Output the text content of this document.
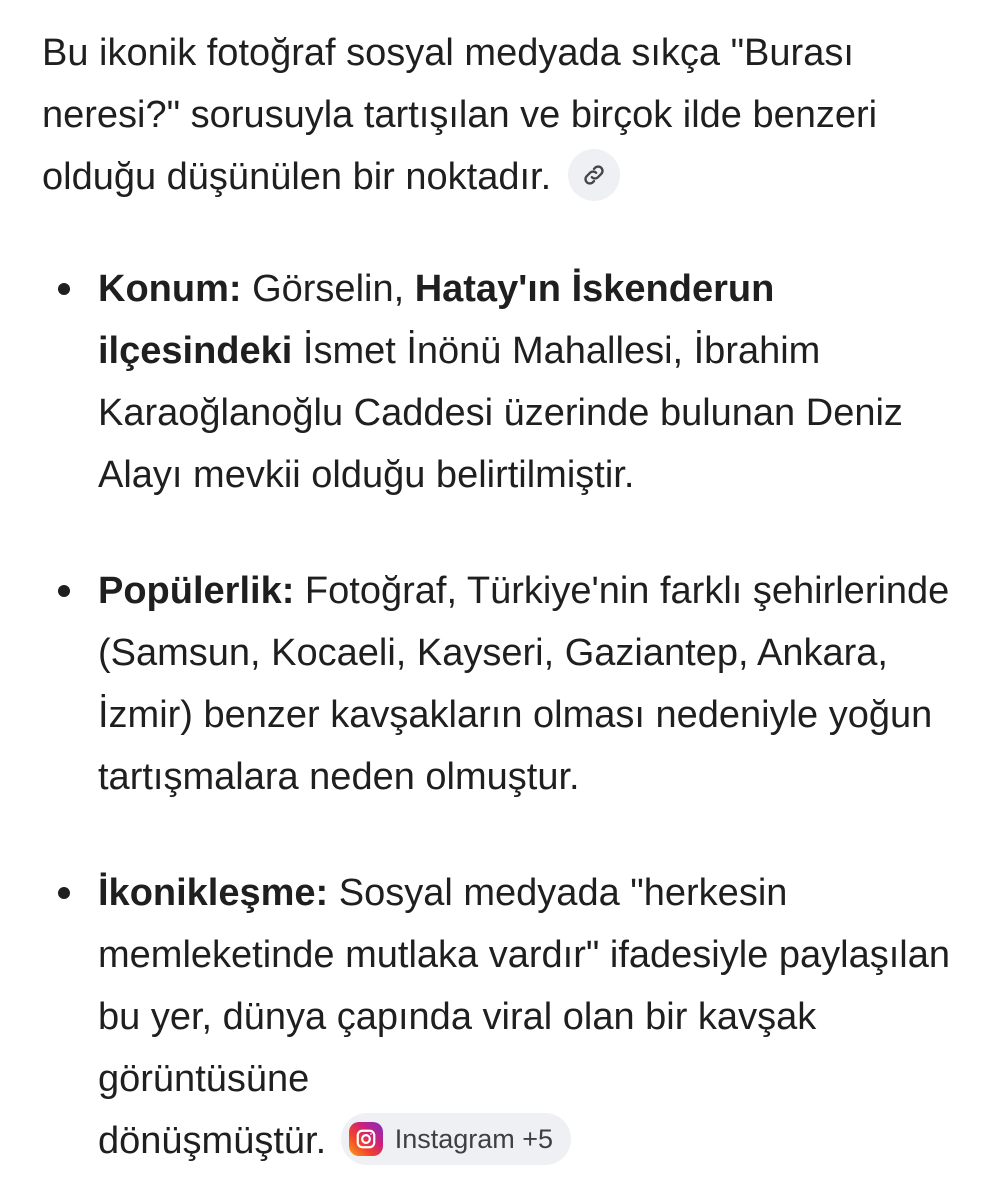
Bu ikonik fotoğraf sosyal medyada sıkça "Burası neresi?" sorusuyla tartışılan ve birçok ilde benzeri olduğu düşünülen bir noktadır.

Konum: Görselin, Hatay'ın İskenderun ilçesindeki İsmet İnönü Mahallesi, İbrahim Karaoğlanoğlu Caddesi üzerinde bulunan Deniz Alayı mevkii olduğu belirtilmiştir.
Popülerlik: Fotoğraf, Türkiye'nin farklı şehirlerinde (Samsun, Kocaeli, Kayseri, Gaziantep, Ankara, İzmir) benzer kavşakların olması nedeniyle yoğun tartışmalara neden olmuştur.
İkonikleşme: Sosyal medyada "herkesin memleketinde mutlaka vardır" ifadesiyle paylaşılan bu yer, dünya çapında viral olan bir kavşak görüntüsüne
dönüşmüştür.	Instagram +5
